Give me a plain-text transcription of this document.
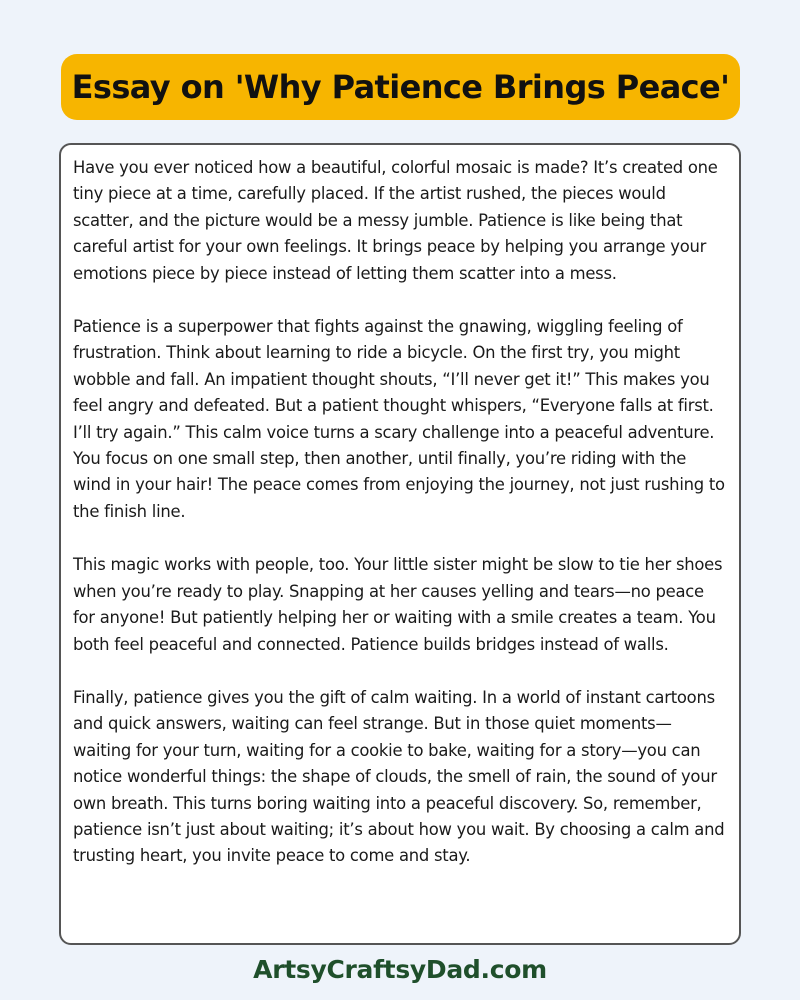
Essay on 'Why Patience Brings Peace'

Have you ever noticed how a beautiful, colorful mosaic is made? It’s created one tiny piece at a time, carefully placed. If the artist rushed, the pieces would scatter, and the picture would be a messy jumble. Patience is like being that careful artist for your own feelings. It brings peace by helping you arrange your emotions piece by piece instead of letting them scatter into a mess.

Patience is a superpower that fights against the gnawing, wiggling feeling of frustration. Think about learning to ride a bicycle. On the first try, you might wobble and fall. An impatient thought shouts, “I’ll never get it!” This makes you feel angry and defeated. But a patient thought whispers, “Everyone falls at first. I’ll try again.” This calm voice turns a scary challenge into a peaceful adventure. You focus on one small step, then another, until finally, you’re riding with the wind in your hair! The peace comes from enjoying the journey, not just rushing to the finish line.

This magic works with people, too. Your little sister might be slow to tie her shoes when you’re ready to play. Snapping at her causes yelling and tears—no peace for anyone! But patiently helping her or waiting with a smile creates a team. You both feel peaceful and connected. Patience builds bridges instead of walls.

Finally, patience gives you the gift of calm waiting. In a world of instant cartoons and quick answers, waiting can feel strange. But in those quiet moments—waiting for your turn, waiting for a cookie to bake, waiting for a story—you can notice wonderful things: the shape of clouds, the smell of rain, the sound of your own breath. This turns boring waiting into a peaceful discovery. So, remember, patience isn’t just about waiting; it’s about how you wait. By choosing a calm and trusting heart, you invite peace to come and stay.

ArtsyCraftsyDad.com
